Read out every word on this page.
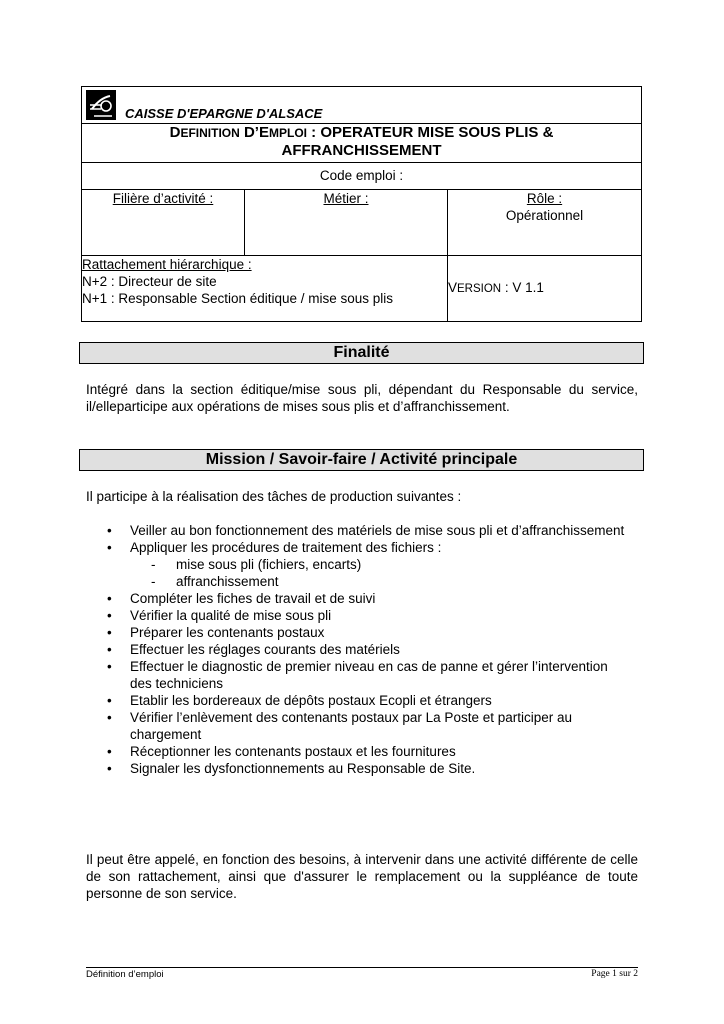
CAISSE D'EPARGNE D'ALSACE		

DEFINITION D’EMPLOI : OPERATEUR MISE SOUS PLIS &
AFFRANCHISSEMENT		
Code emploi :		
Filière d’activité :	Métier :	Rôle :
Opérationnel
Rattachement hiérarchique :
N+2 : Directeur de site
N+1 : Responsable Section éditique / mise sous plis		VERSION : V 1.1
Finalité
Intégré dans la section éditique/mise sous pli, dépendant du Responsable du service, il/elleparticipe aux opérations de mises sous plis et d’affranchissement.
Mission / Savoir-faire / Activité principale
Il participe à la réalisation des tâches de production suivantes :
• Veiller au bon fonctionnement des matériels de mise sous pli et d’affranchissement
• Appliquer les procédures de traitement des fichiers :
- mise sous pli (fichiers, encarts)
- affranchissement
• Compléter les fiches de travail et de suivi
• Vérifier la qualité de mise sous pli
• Préparer les contenants postaux
• Effectuer les réglages courants des matériels
• Effectuer le diagnostic de premier niveau en cas de panne et gérer l’intervention des techniciens
• Etablir les bordereaux de dépôts postaux Ecopli et étrangers
• Vérifier l’enlèvement des contenants postaux par La Poste et participer au chargement
• Réceptionner les contenants postaux et les fournitures
• Signaler les dysfonctionnements au Responsable de Site.
Il peut être appelé, en fonction des besoins, à intervenir dans une activité différente de celle de son rattachement, ainsi que d'assurer le remplacement ou la suppléance de toute personne de son service.
Définition d’emploi	Page 1 sur 2
